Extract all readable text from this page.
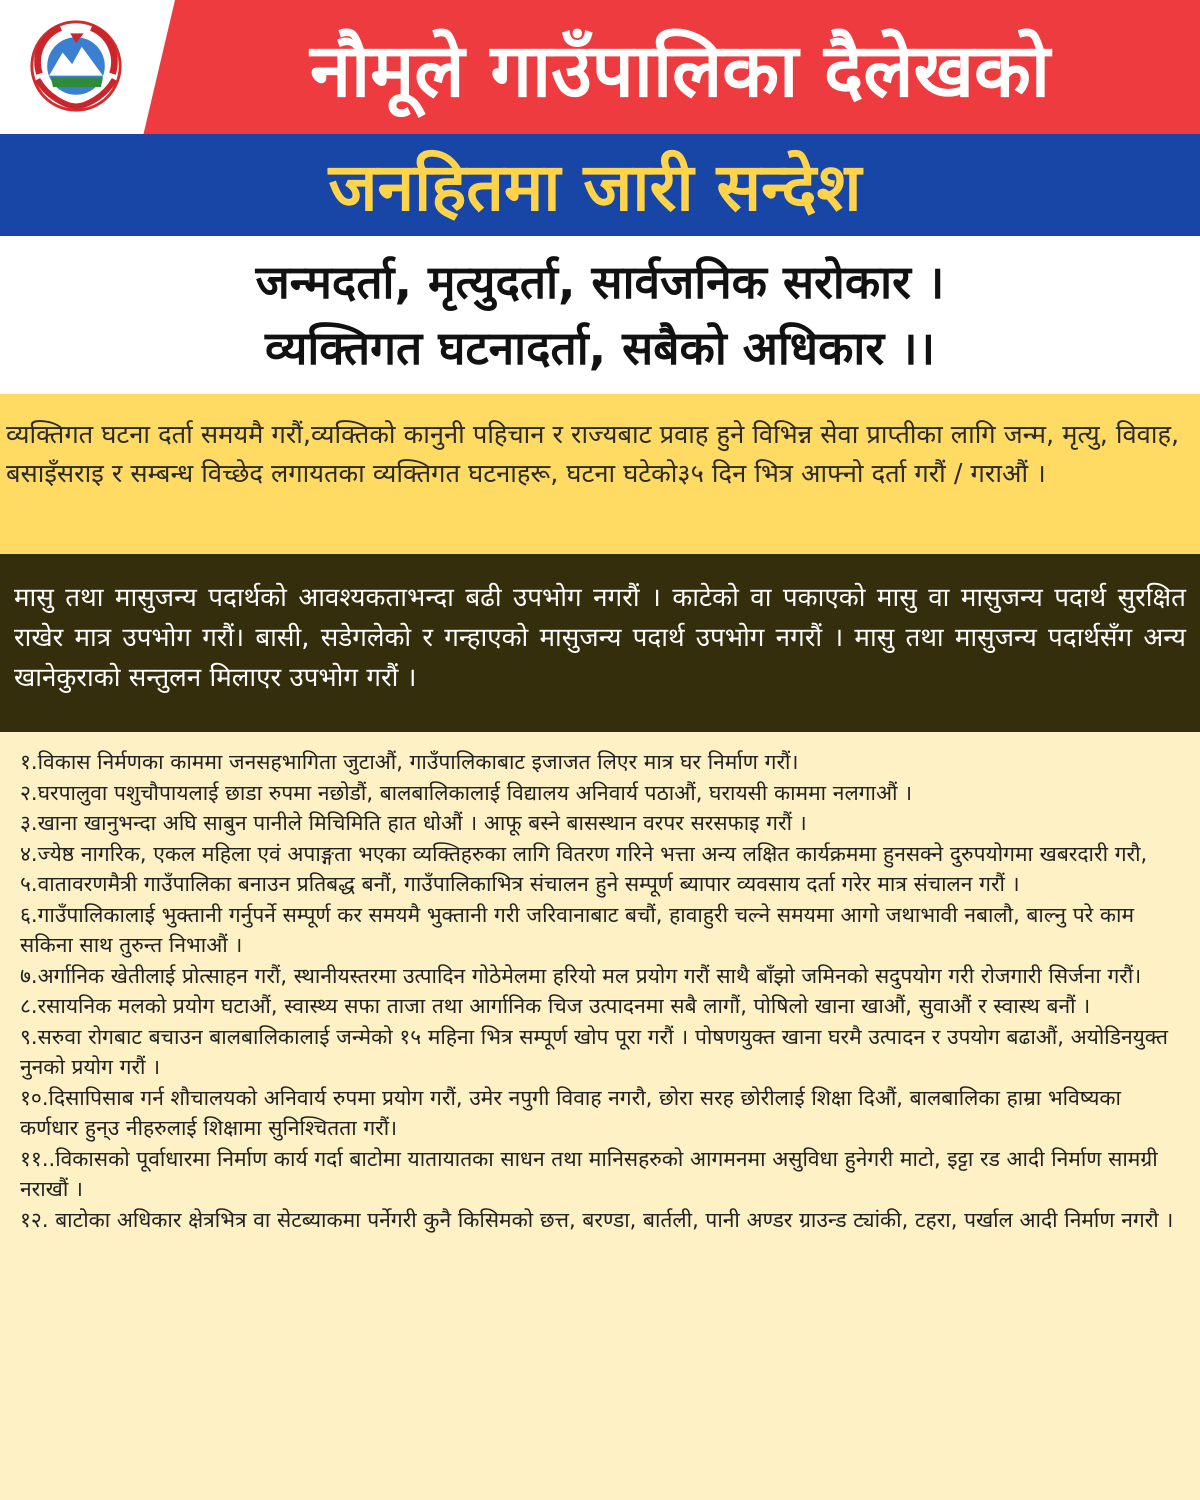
नौमूले गाउँपालिका दैलेखको
जनहितमा जारी सन्देश
जन्मदर्ता, मृत्युदर्ता, सार्वजनिक सरोकार ।
व्यक्तिगत घटनादर्ता, सबैको अधिकार ।।
व्यक्तिगत घटना दर्ता समयमै गरौं,व्यक्तिको कानुनी पहिचान र राज्यबाट प्रवाह हुने विभिन्न सेवा प्राप्तीका लागि जन्म, मृत्यु, विवाह, बसाइँसराइ र सम्बन्ध विच्छेद लगायतका व्यक्तिगत घटनाहरू, घटना घटेको३५ दिन भित्र आफ्नो दर्ता गरौं / गराऔं ।
मासु तथा मासुजन्य पदार्थको आवश्यकताभन्दा बढी उपभोग नगरौं । काटेको वा पकाएको मासु वा मासुजन्य पदार्थ सुरक्षित राखेर मात्र उपभोग गरौं। बासी, सडेगलेको र गन्हाएको मासुजन्य पदार्थ उपभोग नगरौं । मासु तथा मासुजन्य पदार्थसँग अन्य खानेकुराको सन्तुलन मिलाएर उपभोग गरौं ।

१.विकास निर्मणका काममा जनसहभागिता जुटाऔं, गाउँपालिकाबाट इजाजत लिएर मात्र घर निर्माण गरौं।

२.घरपालुवा पशुचौपायलाई छाडा रुपमा नछोडौं, बालबालिकालाई विद्यालय अनिवार्य पठाऔं, घरायसी काममा नलगाऔं ।

३.खाना खानुभन्दा अघि साबुन पानीले मिचिमिति हात धोऔं । आफू बस्ने बासस्थान वरपर सरसफाइ गरौं ।

४.ज्येष्ठ नागरिक, एकल महिला एवं अपाङ्गता भएका व्यक्तिहरुका लागि वितरण गरिने भत्ता अन्य लक्षित कार्यक्रममा हुनसक्ने दुरुपयोगमा खबरदारी गरौ,

५.वातावरणमैत्री गाउँपालिका बनाउन प्रतिबद्ध बनौं, गाउँपालिकाभित्र संचालन हुने सम्पूर्ण ब्यापार व्यवसाय दर्ता गरेर मात्र संचालन गरौं ।

६.गाउँपालिकालाई भुक्तानी गर्नुपर्ने सम्पूर्ण कर समयमै भुक्तानी गरी जरिवानाबाट बचौं, हावाहुरी चल्ने समयमा आगो जथाभावी नबालौ, बाल्नु परे काम सकिना साथ तुरुन्त निभाऔं ।

७.अर्गानिक खेतीलाई प्रोत्साहन गरौं, स्थानीयस्तरमा उत्पादिन गोठेमेलमा हरियो मल प्रयोग गरौं साथै बाँझो जमिनको सदुपयोग गरी रोजगारी सिर्जना गरौं।

८.रसायनिक मलको प्रयोग घटाऔं, स्वास्थ्य सफा ताजा तथा आर्गानिक चिज उत्पादनमा सबै लागौं, पोषिलो खाना खाऔं, सुवाऔं र स्वास्थ बनौं ।

९.सरुवा रोगबाट बचाउन बालबालिकालाई जन्मेको १५ महिना भित्र सम्पूर्ण खोप पूरा गरौं । पोषणयुक्त खाना घरमै उत्पादन र उपयोग बढाऔं, अयोडिनयुक्त नुनको प्रयोग गरौं ।

१०.दिसापिसाब गर्न शौचालयको अनिवार्य रुपमा प्रयोग गरौं, उमेर नपुगी विवाह नगरौ, छोरा सरह छोरीलाई शिक्षा दिऔं, बालबालिका हाम्रा भविष्यका कर्णधार हुन्उ नीहरुलाई शिक्षामा सुनिश्चितता गरौं।

११..विकासको पूर्वाधारमा निर्माण कार्य गर्दा बाटोमा यातायातका साधन तथा मानिसहरुको आगमनमा असुविधा हुनेगरी माटो, इट्टा रड आदी निर्माण सामग्री नराखौं ।

१२. बाटोका अधिकार क्षेत्रभित्र वा सेटब्याकमा पर्नेगरी कुनै किसिमको छत्त, बरण्डा, बार्तली, पानी अण्डर ग्राउन्ड ट्यांकी, टहरा, पर्खाल आदी निर्माण नगरौ ।
